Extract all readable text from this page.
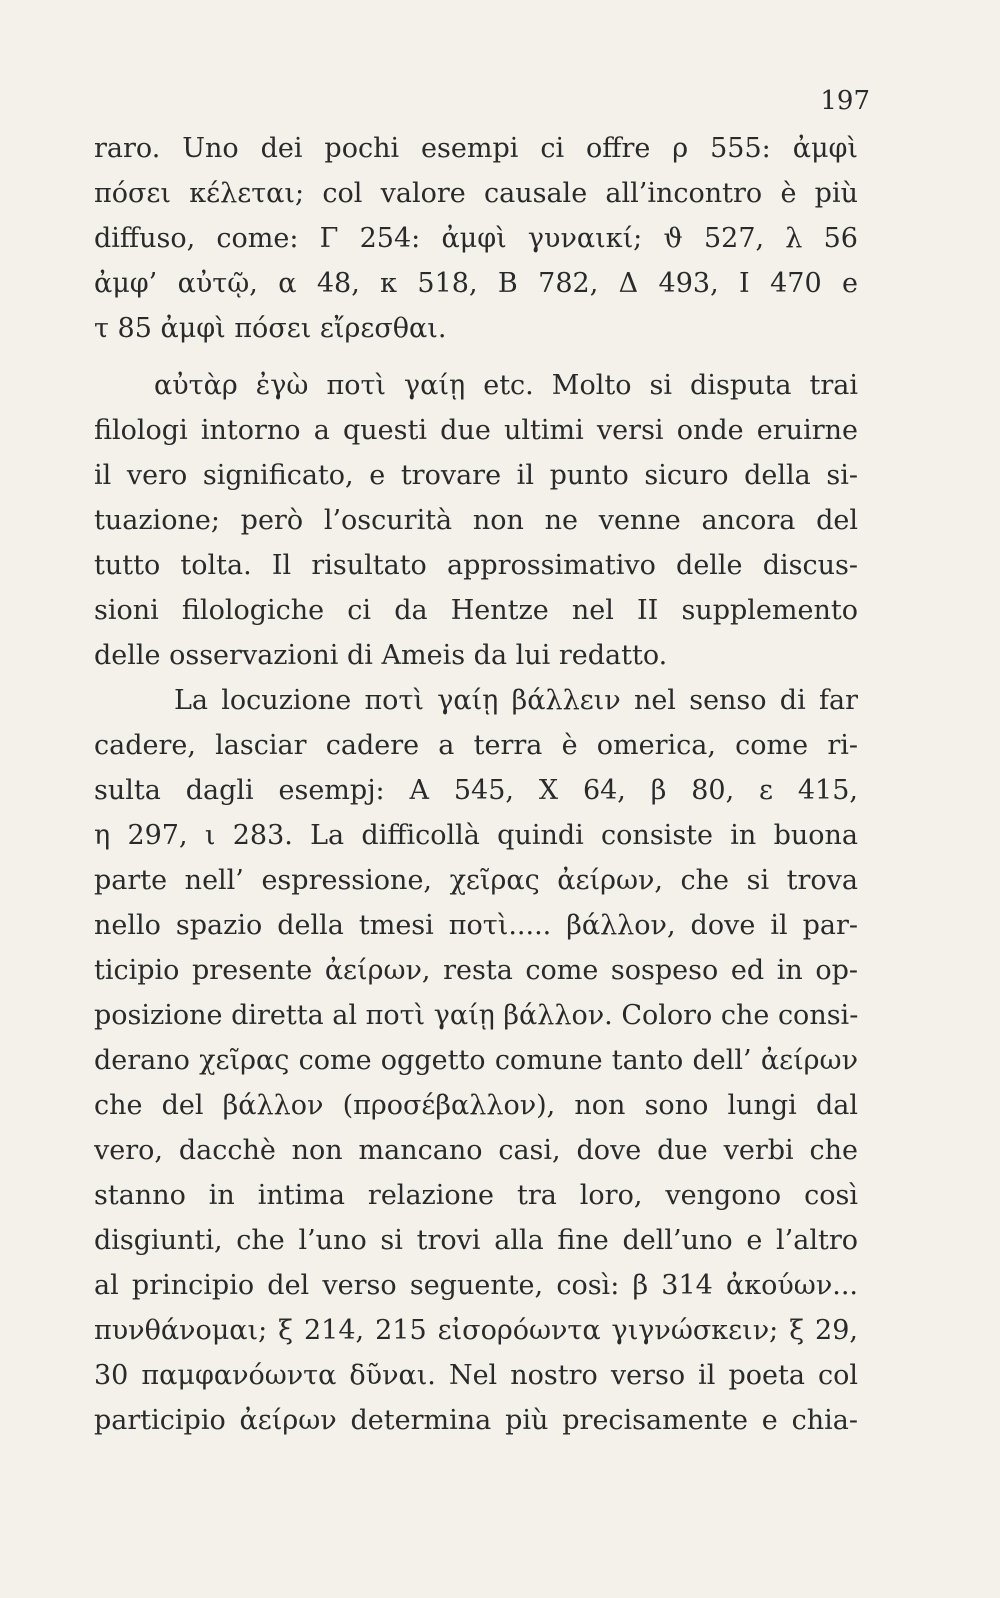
197
raro. Uno dei pochi esempi ci offre ρ 555: ἀμφὶ
πόσει κέλεται; col valore causale all’incontro è più
diffuso, come: Γ 254: ἀμφὶ γυναικί; ϑ 527, λ 56
ἀμφ’ αὐτῷ, α 48, κ 518, B 782, Δ 493, I 470 e
τ 85 ἀμφὶ πόσει εἴρεσθαι.
αὐτὰρ ἐγὼ ποτὶ γαίῃ etc. Molto si disputa trai
filologi intorno a questi due ultimi versi onde eruirne
il vero significato, e trovare il punto sicuro della si-
tuazione; però l’oscurità non ne venne ancora del
tutto tolta. Il risultato approssimativo delle discus-
sioni filologiche ci da Hentze nel II supplemento
delle osservazioni di Ameis da lui redatto.
La locuzione ποτὶ γαίῃ βάλλειν nel senso di far
cadere, lasciar cadere a terra è omerica, come ri-
sulta dagli esempj: A 545, X 64, β 80, ε 415,
η 297, ι 283. La difficollà quindi consiste in buona
parte nell’ espressione, χεῖρας ἀείρων, che si trova
nello spazio della tmesi ποτὶ..... βάλλον, dove il par-
ticipio presente ἀείρων, resta come sospeso ed in op-
posizione diretta al ποτὶ γαίῃ βάλλον. Coloro che consi-
derano χεῖρας come oggetto comune tanto dell’ ἀείρων
che del βάλλον (προσέβαλλον), non sono lungi dal
vero, dacchè non mancano casi, dove due verbi che
stanno in intima relazione tra loro, vengono così
disgiunti, che l’uno si trovi alla fine dell’uno e l’altro
al principio del verso seguente, così: β 314 ἀκούων...
πυνθάνομαι; ξ 214, 215 εἰσορόωντα γιγνώσκειν; ξ 29,
30 παμφανόωντα δῦναι. Nel nostro verso il poeta col
participio ἀείρων determina più precisamente e chia-
